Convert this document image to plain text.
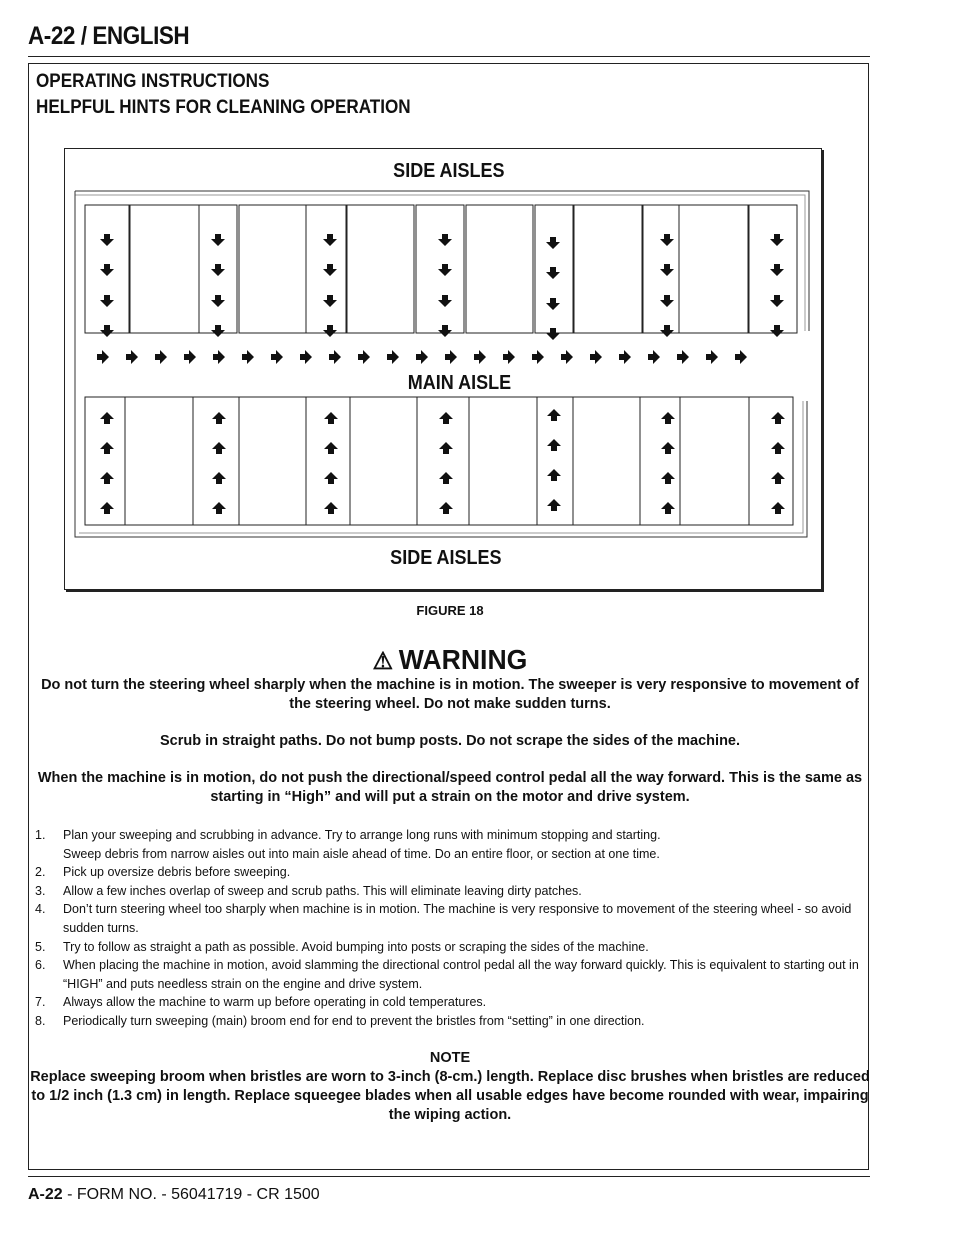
A-22 / ENGLISH
OPERATING INSTRUCTIONS
HELPFUL HINTS FOR CLEANING OPERATION
SIDE AISLES
MAIN AISLE
SIDE AISLES
FIGURE 18
⚠ WARNING
Do not turn the steering wheel sharply when the machine is in motion. The sweeper is very responsive to movement of the steering wheel. Do not make sudden turns.
Scrub in straight paths. Do not bump posts. Do not scrape the sides of the machine.
When the machine is in motion, do not push the directional/speed control pedal all the way forward. This is the same as starting in “High” and will put a strain on the motor and drive system.
1. Plan your sweeping and scrubbing in advance. Try to arrange long runs with minimum stopping and starting.
Sweep debris from narrow aisles out into main aisle ahead of time. Do an entire floor, or section at one time.
2. Pick up oversize debris before sweeping.
3. Allow a few inches overlap of sweep and scrub paths. This will eliminate leaving dirty patches.
4. Don’t turn steering wheel too sharply when machine is in motion. The machine is very responsive to movement of the steering wheel - so avoid sudden turns.
5. Try to follow as straight a path as possible. Avoid bumping into posts or scraping the sides of the machine.
6. When placing the machine in motion, avoid slamming the directional control pedal all the way forward quickly. This is equivalent to starting out in “HIGH” and puts needless strain on the engine and drive system.
7. Always allow the machine to warm up before operating in cold temperatures.
8. Periodically turn sweeping (main) broom end for end to prevent the bristles from “setting” in one direction.
NOTE
Replace sweeping broom when bristles are worn to 3-inch (8-cm.) length. Replace disc brushes when bristles are reduced to 1/2 inch (1.3 cm) in length. Replace squeegee blades when all usable edges have become rounded with wear, impairing the wiping action.
A-22 - FORM NO. - 56041719 - CR 1500
